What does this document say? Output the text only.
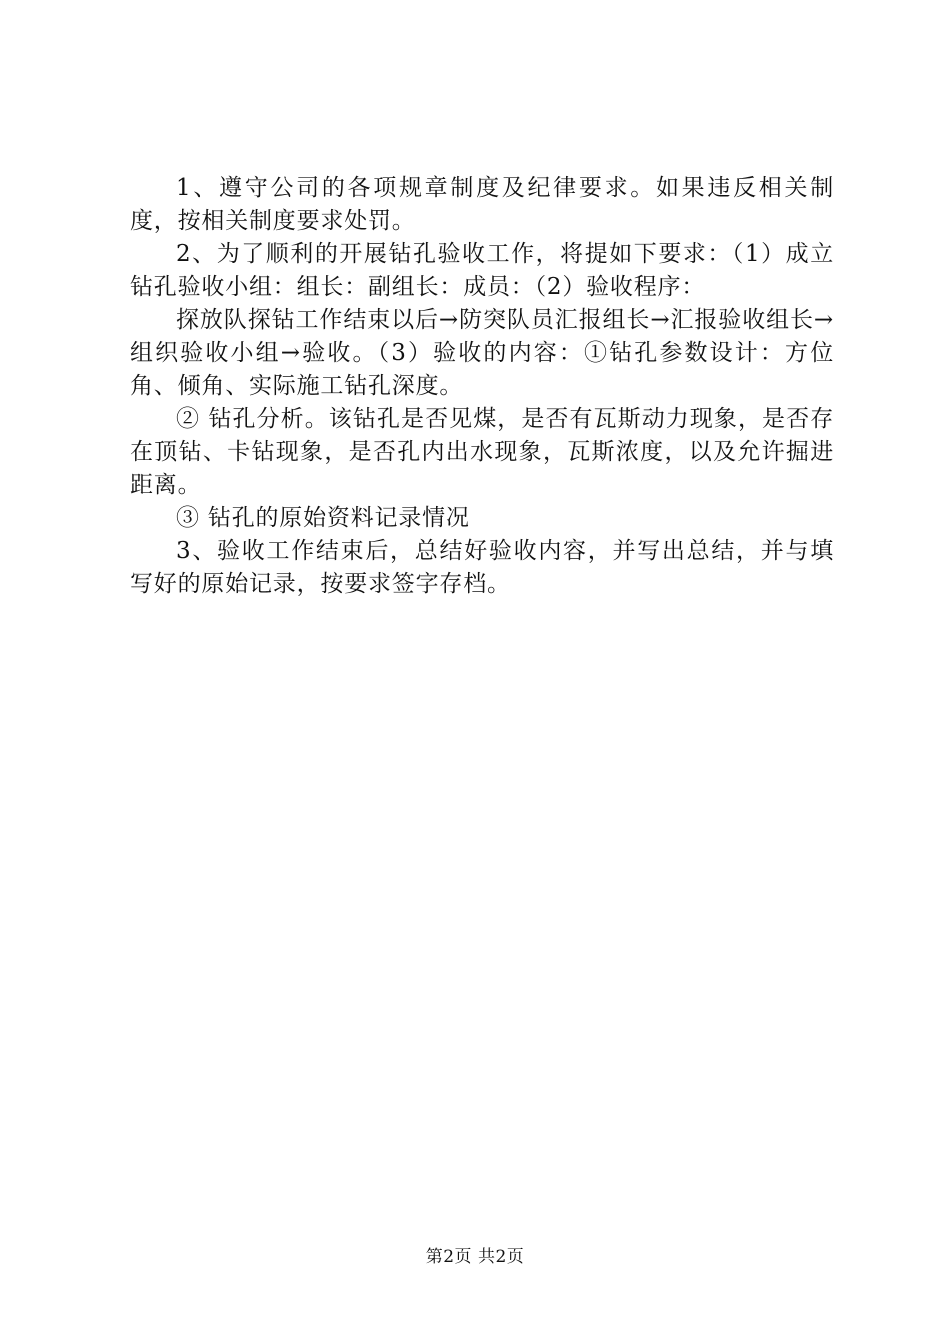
1、遵守公司的各项规章制度及纪律要求。如果违反相关制度，按相关制度要求处罚。

2、为了顺利的开展钻孔验收工作，将提如下要求：（1）成立钻孔验收小组：组长：副组长：成员：（2）验收程序：

探放队探钻工作结束以后→防突队员汇报组长→汇报验收组长→组织验收小组→验收。（3）验收的内容：①钻孔参数设计：方位角、倾角、实际施工钻孔深度。

② 钻孔分析。该钻孔是否见煤，是否有瓦斯动力现象，是否存在顶钻、卡钻现象，是否孔内出水现象，瓦斯浓度，以及允许掘进距离。

③ 钻孔的原始资料记录情况

3、验收工作结束后，总结好验收内容，并写出总结，并与填写好的原始记录，按要求签字存档。

第2页 共2页
